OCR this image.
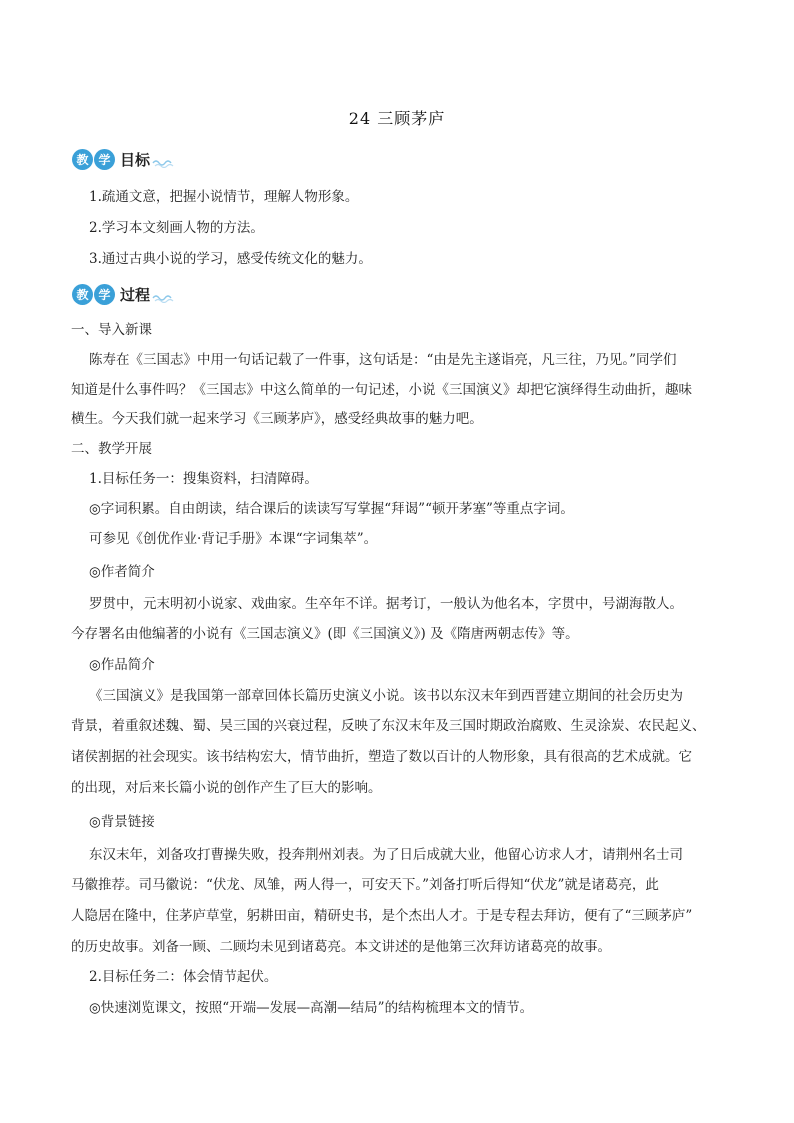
24 三顾茅庐
教 学 目标
1.疏通文意，把握小说情节，理解人物形象。
2.学习本文刻画人物的方法。
3.通过古典小说的学习，感受传统文化的魅力。
教 学 过程
一、导入新课
陈寿在《三国志》中用一句话记载了一件事，这句话是：“由是先主遂诣亮，凡三往，乃见。”同学们
知道是什么事件吗？《三国志》中这么简单的一句记述，小说《三国演义》却把它演绎得生动曲折，趣味
横生。今天我们就一起来学习《三顾茅庐》，感受经典故事的魅力吧。
二、教学开展
1.目标任务一：搜集资料，扫清障碍。
◎字词积累。自由朗读，结合课后的读读写写掌握“拜谒”“顿开茅塞”等重点字词。
可参见《创优作业·背记手册》本课“字词集萃”。
◎作者简介
罗贯中，元末明初小说家、戏曲家。生卒年不详。据考订，一般认为他名本，字贯中，号湖海散人。
今存署名由他编著的小说有《三国志演义》(即《三国演义》) 及《隋唐两朝志传》等。
◎作品简介
《三国演义》是我国第一部章回体长篇历史演义小说。该书以东汉末年到西晋建立期间的社会历史为
背景，着重叙述魏、蜀、吴三国的兴衰过程，反映了东汉末年及三国时期政治腐败、生灵涂炭、农民起义、
诸侯割据的社会现实。该书结构宏大，情节曲折，塑造了数以百计的人物形象，具有很高的艺术成就。它
的出现，对后来长篇小说的创作产生了巨大的影响。
◎背景链接
东汉末年，刘备攻打曹操失败，投奔荆州刘表。为了日后成就大业，他留心访求人才，请荆州名士司
马徽推荐。司马徽说：“伏龙、凤雏，两人得一，可安天下。”刘备打听后得知“伏龙”就是诸葛亮，此
人隐居在隆中，住茅庐草堂，躬耕田亩，精研史书，是个杰出人才。于是专程去拜访，便有了“三顾茅庐”
的历史故事。刘备一顾、二顾均未见到诸葛亮。本文讲述的是他第三次拜访诸葛亮的故事。
2.目标任务二：体会情节起伏。
◎快速浏览课文，按照“开端—发展—高潮—结局”的结构梳理本文的情节。
